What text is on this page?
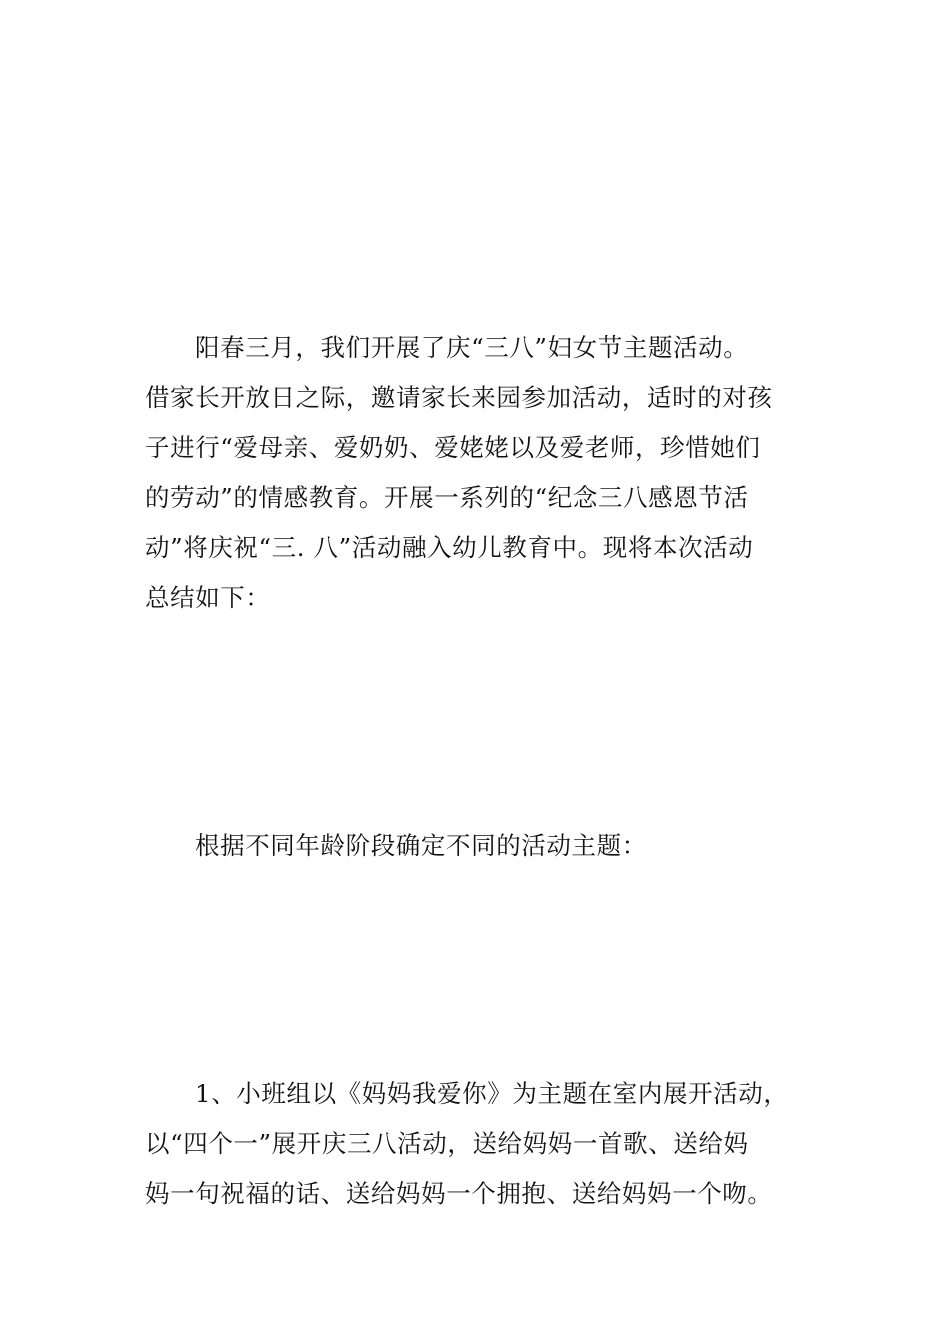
阳春三月，我们开展了庆“三八”妇女节主题活动。
借家长开放日之际，邀请家长来园参加活动，适时的对孩
子进行“爱母亲、爱奶奶、爱姥姥以及爱老师，珍惜她们
的劳动”的情感教育。开展一系列的“纪念三八感恩节活
动”将庆祝“三. 八”活动融入幼儿教育中。现将本次活动
总结如下：
根据不同年龄阶段确定不同的活动主题：
1、小班组以《妈妈我爱你》为主题在室内展开活动，
以“四个一”展开庆三八活动，送给妈妈一首歌、送给妈
妈一句祝福的话、送给妈妈一个拥抱、送给妈妈一个吻。
